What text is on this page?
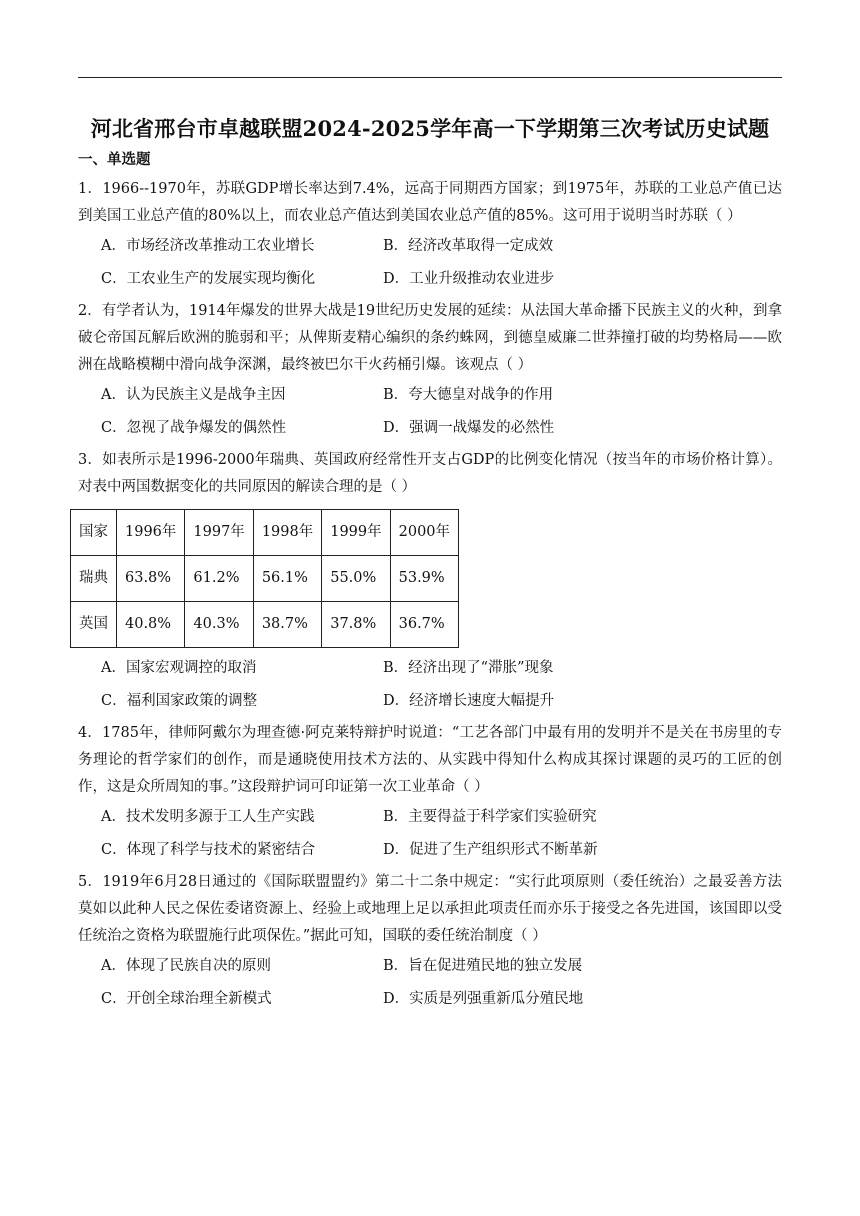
河北省邢台市卓越联盟2024-2025学年高一下学期第三次考试历史试题
一、单选题
1．1966--1970年，苏联GDP增长率达到7.4%，远高于同期西方国家；到1975年，苏联的工业总产值已达到美国工业总产值的80%以上，而农业总产值达到美国农业总产值的85%。这可用于说明当时苏联（ ）
A．市场经济改革推动工农业增长	B．经济改革取得一定成效
C．工农业生产的发展实现均衡化	D．工业升级推动农业进步
2．有学者认为，1914年爆发的世界大战是19世纪历史发展的延续：从法国大革命播下民族主义的火种，到拿破仑帝国瓦解后欧洲的脆弱和平；从俾斯麦精心编织的条约蛛网，到德皇威廉二世莽撞打破的均势格局——欧洲在战略模糊中滑向战争深渊，最终被巴尔干火药桶引爆。该观点（ ）
A．认为民族主义是战争主因	B．夸大德皇对战争的作用
C．忽视了战争爆发的偶然性	D．强调一战爆发的必然性
3．如表所示是1996-2000年瑞典、英国政府经常性开支占GDP的比例变化情况（按当年的市场价格计算）。对表中两国数据变化的共同原因的解读合理的是（ ）
国家	1996年	1997年	1998年	1999年	2000年
瑞典	63.8%	61.2%	56.1%	55.0%	53.9%
英国	40.8%	40.3%	38.7%	37.8%	36.7%
A．国家宏观调控的取消	B．经济出现了“滞胀”现象
C．福利国家政策的调整	D．经济增长速度大幅提升
4．1785年，律师阿戴尔为理查德·阿克莱特辩护时说道：“工艺各部门中最有用的发明并不是关在书房里的专务理论的哲学家们的创作，而是通晓使用技术方法的、从实践中得知什么构成其探讨课题的灵巧的工匠的创作，这是众所周知的事。”这段辩护词可印证第一次工业革命（ ）
A．技术发明多源于工人生产实践	B．主要得益于科学家们实验研究
C．体现了科学与技术的紧密结合	D．促进了生产组织形式不断革新
5．1919年6月28日通过的《国际联盟盟约》第二十二条中规定：“实行此项原则（委任统治）之最妥善方法莫如以此种人民之保佐委诸资源上、经验上或地理上足以承担此项责任而亦乐于接受之各先进国，该国即以受任统治之资格为联盟施行此项保佐。”据此可知，国联的委任统治制度（ ）
A．体现了民族自决的原则	B．旨在促进殖民地的独立发展
C．开创全球治理全新模式	D．实质是列强重新瓜分殖民地
